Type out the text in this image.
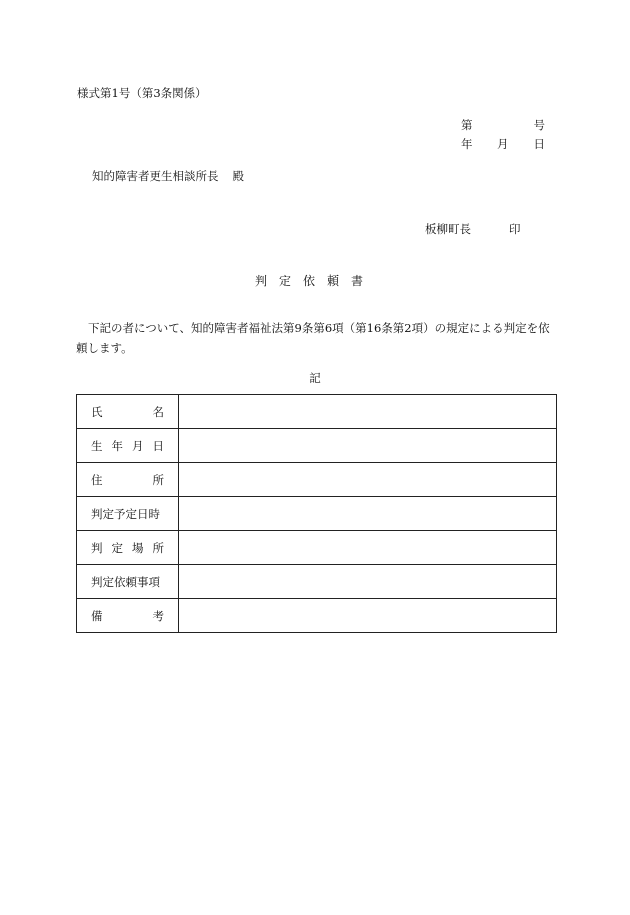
様式第1号（第3条関係）
第	号
年 月 日
知的障害者更生相談所長 殿
板柳町長	印
判定依頼書
下記の者について、知的障害者福祉法第9条第6項（第16条第2項）の規定による判定を依頼します。
記
氏 名	

生 年 月 日	

住 所	

判定予定日時	

判 定 場 所	

判定依頼事項	

備 考	
